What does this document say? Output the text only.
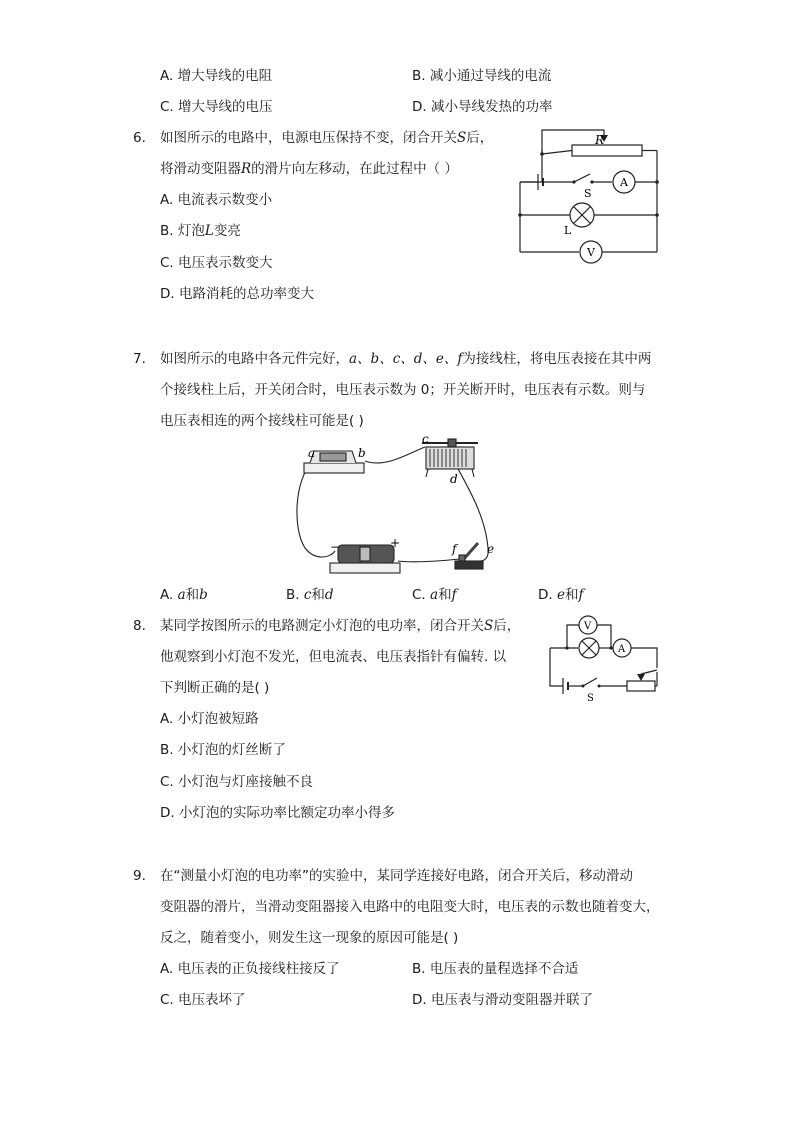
A. 增大导线的电阻	B. 减小通过导线的电流
C. 增大导线的电压	D. 减小导线发热的功率
6. 如图所示的电路中，电源电压保持不变，闭合开关S后，
将滑动变阻器R的滑片向左移动，在此过程中（ ）
A. 电流表示数变小
B. 灯泡L变亮
C. 电压表示数变大
D. 电路消耗的总功率变大
R
S
A
L
V
7. 如图所示的电路中各元件完好，a、b、c、d、e、f为接线柱，将电压表接在其中两
个接线柱上后，开关闭合时，电压表示数为 0；开关断开时，电压表有示数。则与
电压表相连的两个接线柱可能是( )
a	b
c
d
e
f
−	+
A. a和b	B. c和d	C. a和f	D. e和f
8. 某同学按图所示的电路测定小灯泡的电功率，闭合开关S后，
他观察到小灯泡不发光，但电流表、电压表指针有偏转. 以
下判断正确的是( )
A. 小灯泡被短路
B. 小灯泡的灯丝断了
C. 小灯泡与灯座接触不良
D. 小灯泡的实际功率比额定功率小得多
V
A
S
9. 在“测量小灯泡的电功率”的实验中，某同学连接好电路，闭合开关后，移动滑动
变阻器的滑片，当滑动变阻器接入电路中的电阻变大时，电压表的示数也随着变大，
反之，随着变小，则发生这一现象的原因可能是( )
A. 电压表的正负接线柱接反了	B. 电压表的量程选择不合适
C. 电压表坏了	D. 电压表与滑动变阻器并联了
